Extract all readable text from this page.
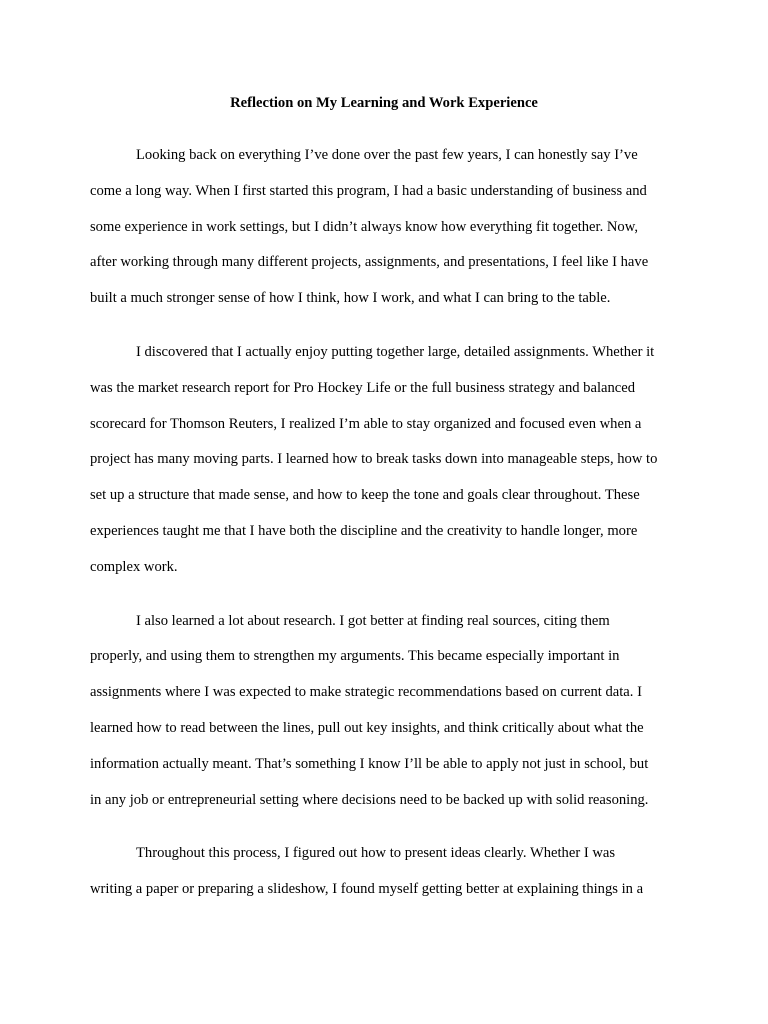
Reflection on My Learning and Work Experience

Looking back on everything I’ve done over the past few years, I can honestly say I’ve
come a long way. When I first started this program, I had a basic understanding of business and
some experience in work settings, but I didn’t always know how everything fit together. Now,
after working through many different projects, assignments, and presentations, I feel like I have
built a much stronger sense of how I think, how I work, and what I can bring to the table.

I discovered that I actually enjoy putting together large, detailed assignments. Whether it
was the market research report for Pro Hockey Life or the full business strategy and balanced
scorecard for Thomson Reuters, I realized I’m able to stay organized and focused even when a
project has many moving parts. I learned how to break tasks down into manageable steps, how to
set up a structure that made sense, and how to keep the tone and goals clear throughout. These
experiences taught me that I have both the discipline and the creativity to handle longer, more
complex work.

I also learned a lot about research. I got better at finding real sources, citing them
properly, and using them to strengthen my arguments. This became especially important in
assignments where I was expected to make strategic recommendations based on current data. I
learned how to read between the lines, pull out key insights, and think critically about what the
information actually meant. That’s something I know I’ll be able to apply not just in school, but
in any job or entrepreneurial setting where decisions need to be backed up with solid reasoning.

Throughout this process, I figured out how to present ideas clearly. Whether I was
writing a paper or preparing a slideshow, I found myself getting better at explaining things in a
